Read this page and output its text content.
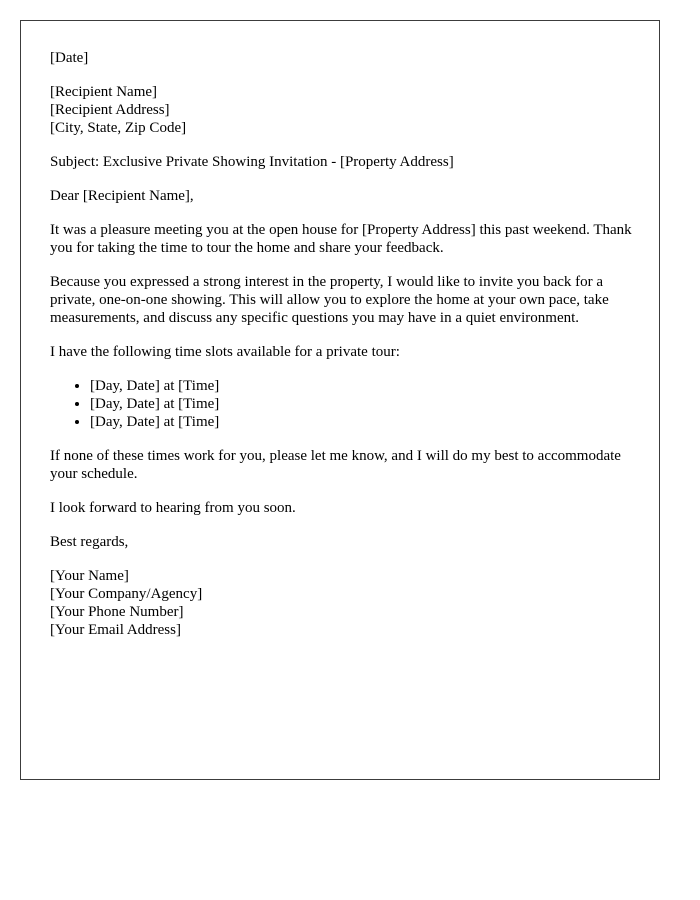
[Date]
[Recipient Name]
[Recipient Address]
[City, State, Zip Code]

Subject: Exclusive Private Showing Invitation - [Property Address]

Dear [Recipient Name],

It was a pleasure meeting you at the open house for [Property Address] this past weekend. Thank you for taking the time to tour the home and share your feedback.

Because you expressed a strong interest in the property, I would like to invite you back for a private, one-on-one showing. This will allow you to explore the home at your own pace, take measurements, and discuss any specific questions you may have in a quiet environment.

I have the following time slots available for a private tour:

• [Day, Date] at [Time]
• [Day, Date] at [Time]
• [Day, Date] at [Time]

If none of these times work for you, please let me know, and I will do my best to accommodate your schedule.

I look forward to hearing from you soon.

Best regards,

[Your Name]
[Your Company/Agency]
[Your Phone Number]
[Your Email Address]
